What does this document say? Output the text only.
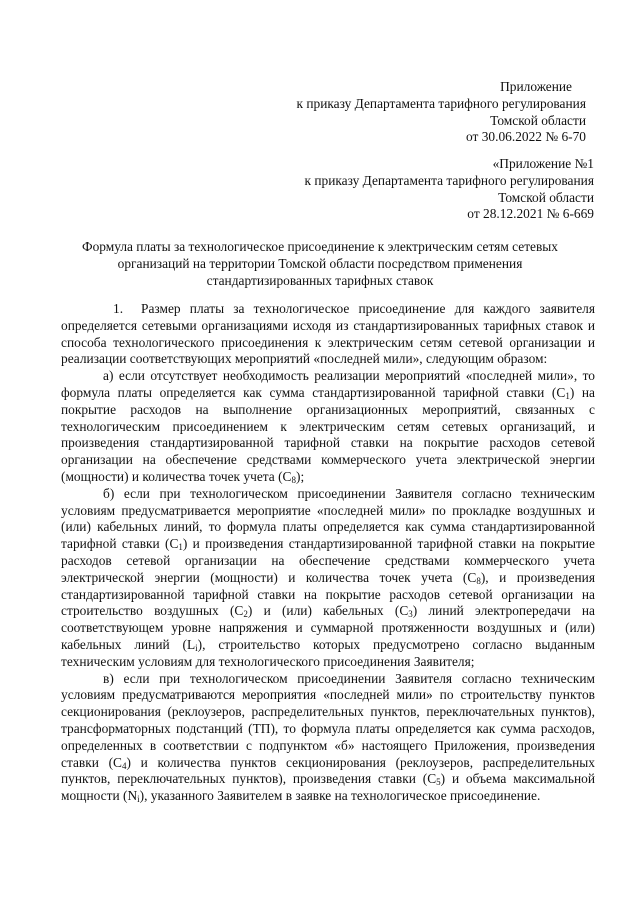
Приложение
к приказу Департамента тарифного регулирования
Томской области
от 30.06.2022 № 6-70
«Приложение №1
к приказу Департамента тарифного регулирования
Томской области
от 28.12.2021 № 6-669
Формула платы за технологическое присоединение к электрическим сетям сетевых
организаций на территории Томской области посредством применения
стандартизированных тарифных ставок

1. Размер платы за технологическое присоединение для каждого заявителя определяется сетевыми организациями исходя из стандартизированных тарифных ставок и способа технологического присоединения к электрическим сетям сетевой организации и реализации соответствующих мероприятий «последней мили», следующим образом:

а) если отсутствует необходимость реализации мероприятий «последней мили», то формула платы определяется как сумма стандартизированной тарифной ставки $(С_1)$ на покрытие расходов на выполнение организационных мероприятий, связанных с технологическим присоединением к электрическим сетям сетевых организаций, и произведения стандартизированной тарифной ставки на покрытие расходов сетевой организации на обеспечение средствами коммерческого учета электрической энергии (мощности) и количества точек учета $(С_8)$;

б) если при технологическом присоединении Заявителя согласно техническим условиям предусматривается мероприятие «последней мили» по прокладке воздушных и (или) кабельных линий, то формула платы определяется как сумма стандартизированной тарифной ставки $(С_1)$ и произведения стандартизированной тарифной ставки на покрытие расходов сетевой организации на обеспечение средствами коммерческого учета электрической энергии (мощности) и количества точек учета $(С_8)$, и произведения стандартизированной тарифной ставки на покрытие расходов сетевой организации на строительство воздушных $(С_2)$ и (или) кабельных $(С_3)$ линий электропередачи на соответствующем уровне напряжения и суммарной протяженности воздушных и (или) кабельных линий $(L_i)$, строительство которых предусмотрено согласно выданным техническим условиям для технологического присоединения Заявителя;

в) если при технологическом присоединении Заявителя согласно техническим условиям предусматриваются мероприятия «последней мили» по строительству пунктов секционирования (реклоузеров, распределительных пунктов, переключательных пунктов),

трансформаторных подстанций (ТП), то формула платы определяется как сумма расходов, определенных в соответствии с подпунктом «б» настоящего Приложения, произведения ставки $(С_4)$ и количества пунктов секционирования (реклоузеров, распределительных пунктов, переключательных пунктов), произведения ставки $(С_5)$ и объема максимальной мощности $(N_i)$, указанного Заявителем в заявке на технологическое присоединение.
